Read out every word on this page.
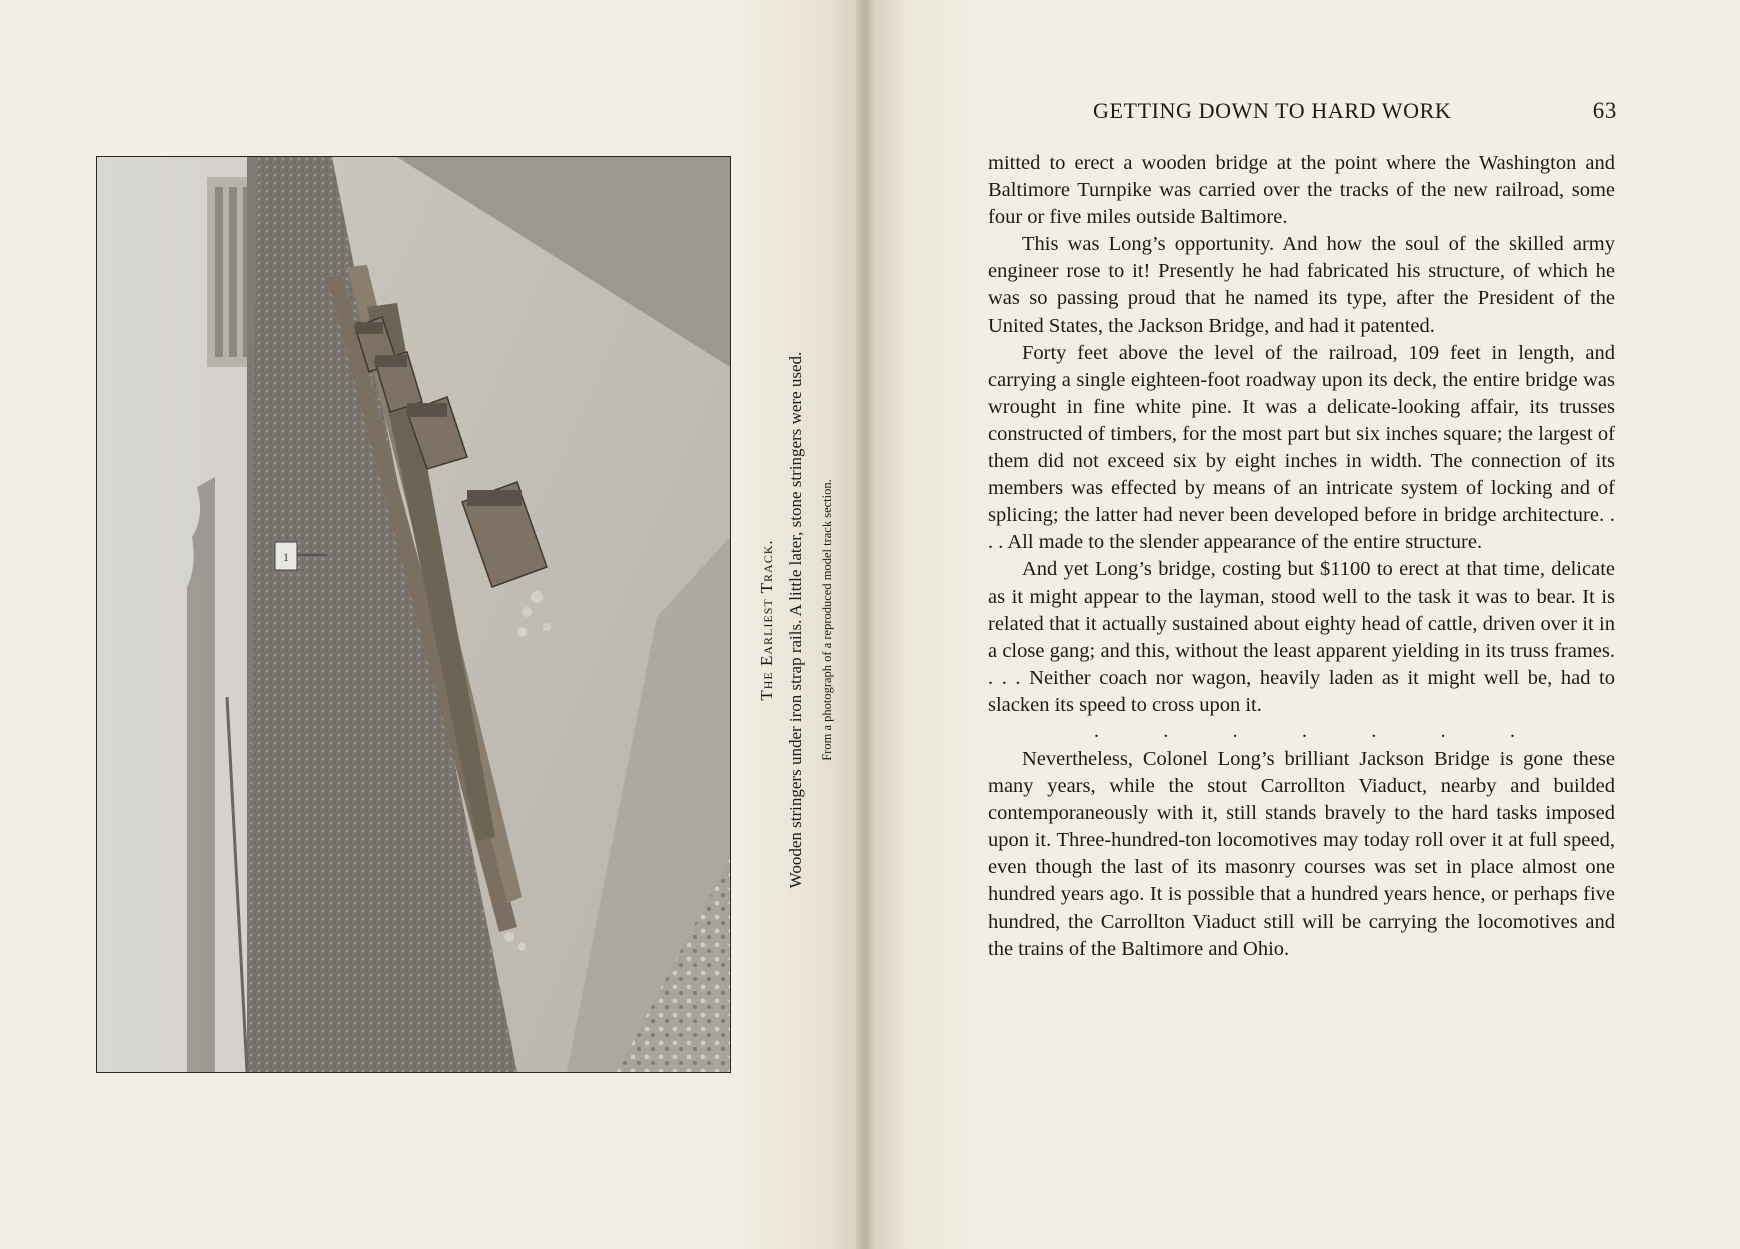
1	The Earliest Track. Wooden stringers under iron strap rails. A little later, stone stringers were used. From a photograph of a reproduced model track section.

GETTING DOWN TO HARD WORK	63

mitted to erect a wooden bridge at the point where the Washington and Baltimore Turnpike was carried over the tracks of the new railroad, some four or five miles outside Baltimore.

This was Long’s opportunity. And how the soul of the skilled army engineer rose to it! Presently he had fabricated his structure, of which he was so passing proud that he named its type, after the President of the United States, the Jackson Bridge, and had it patented.

Forty feet above the level of the railroad, 109 feet in length, and carrying a single eighteen-foot roadway upon its deck, the entire bridge was wrought in fine white pine. It was a delicate-looking affair, its trusses constructed of timbers, for the most part but six inches square; the largest of them did not exceed six by eight inches in width. The connection of its members was effected by means of an intricate system of locking and of splicing; the latter had never been developed before in bridge architecture. . . . All made to the slender appearance of the entire structure.

And yet Long’s bridge, costing but $1100 to erect at that time, delicate as it might appear to the layman, stood well to the task it was to bear. It is related that it actually sustained about eighty head of cattle, driven over it in a close gang; and this, without the least apparent yielding in its truss frames. . . . Neither coach nor wagon, heavily laden as it might well be, had to slacken its speed to cross upon it.

.	.	.	.	.	.	.

Nevertheless, Colonel Long’s brilliant Jackson Bridge is gone these many years, while the stout Carrollton Viaduct, nearby and builded contemporaneously with it, still stands bravely to the hard tasks imposed upon it. Three-hundred-ton locomotives may today roll over it at full speed, even though the last of its masonry courses was set in place almost one hundred years ago. It is possible that a hundred years hence, or perhaps five hundred, the Carrollton Viaduct still will be carrying the locomotives and the trains of the Baltimore and Ohio.
